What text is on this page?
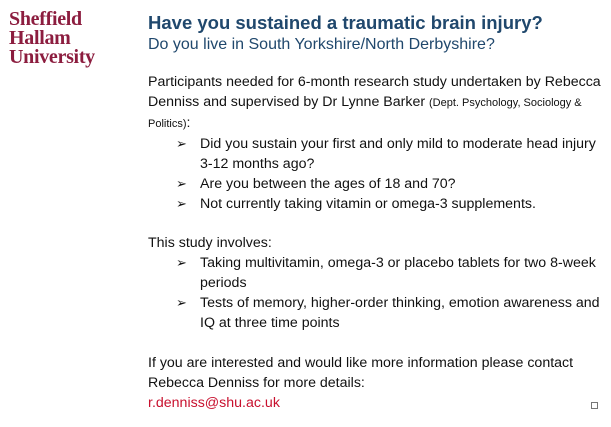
Sheffield
Hallam
University
Have you sustained a traumatic brain injury?
Do you live in South Yorkshire/North Derbyshire?

Participants needed for 6-month research study undertaken by Rebecca Denniss and supervised by Dr Lynne Barker (Dept. Psychology, Sociology & Politics):

➢ Did you sustain your first and only mild to moderate head injury 3-12 months ago?
➢ Are you between the ages of 18 and 70?
➢ Not currently taking vitamin or omega-3 supplements.

This study involves:

➢ Taking multivitamin, omega-3 or placebo tablets for two 8-week periods
➢ Tests of memory, higher-order thinking, emotion awareness and IQ at three time points

If you are interested and would like more information please contact Rebecca Denniss for more details:

r.denniss@shu.ac.uk
